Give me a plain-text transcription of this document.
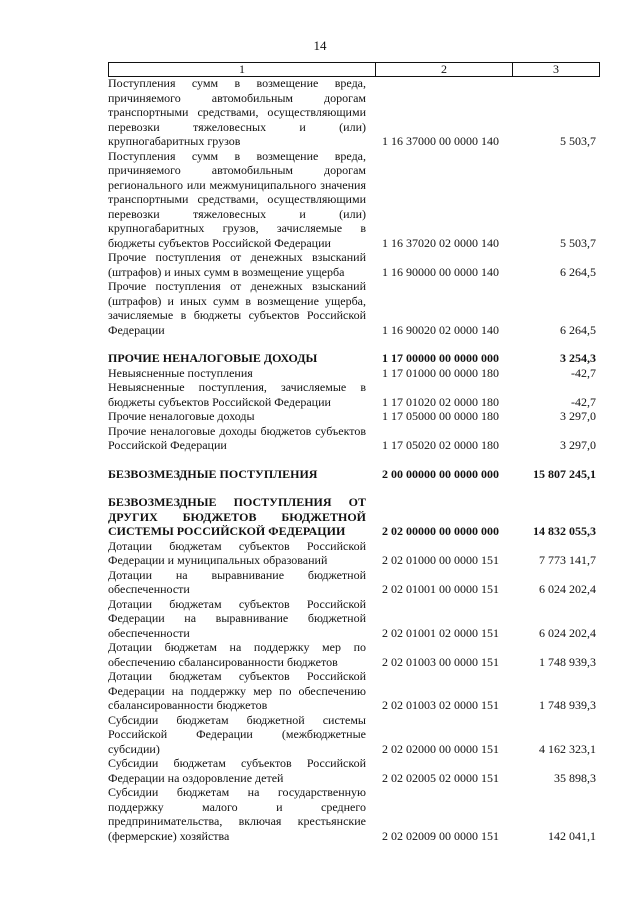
14
1	2	3
Поступления сумм в возмещение вреда, причиняемого автомобильным дорогам транспортными средствами, осуществляющими перевозки тяжеловесных и (или) крупногабаритных грузов	1 16 37000 00 0000 140	5 503,7
Поступления сумм в возмещение вреда, причиняемого автомобильным дорогам регионального или межмуниципального значения транспортными средствами, осуществляющими перевозки тяжеловесных и (или) крупногабаритных грузов, зачисляемые в бюджеты субъектов Российской Федерации	1 16 37020 02 0000 140	5 503,7
Прочие поступления от денежных взысканий (штрафов) и иных сумм в возмещение ущерба	1 16 90000 00 0000 140	6 264,5
Прочие поступления от денежных взысканий (штрафов) и иных сумм в возмещение ущерба, зачисляемые в бюджеты субъектов Российской Федерации	1 16 90020 02 0000 140	6 264,5
ПРОЧИЕ НЕНАЛОГОВЫЕ ДОХОДЫ	1 17 00000 00 0000 000	3 254,3
Невыясненные поступления	1 17 01000 00 0000 180	-42,7
Невыясненные поступления, зачисляемые в бюджеты субъектов Российской Федерации	1 17 01020 02 0000 180	-42,7
Прочие неналоговые доходы	1 17 05000 00 0000 180	3 297,0
Прочие неналоговые доходы бюджетов субъектов Российской Федерации	1 17 05020 02 0000 180	3 297,0
БЕЗВОЗМЕЗДНЫЕ ПОСТУПЛЕНИЯ	2 00 00000 00 0000 000	15 807 245,1
БЕЗВОЗМЕЗДНЫЕ ПОСТУПЛЕНИЯ ОТ ДРУГИХ БЮДЖЕТОВ БЮДЖЕТНОЙ СИСТЕМЫ РОССИЙСКОЙ ФЕДЕРАЦИИ	2 02 00000 00 0000 000	14 832 055,3
Дотации бюджетам субъектов Российской Федерации и муниципальных образований	2 02 01000 00 0000 151	7 773 141,7
Дотации на выравнивание бюджетной обеспеченности	2 02 01001 00 0000 151	6 024 202,4
Дотации бюджетам субъектов Российской Федерации на выравнивание бюджетной обеспеченности	2 02 01001 02 0000 151	6 024 202,4
Дотации бюджетам на поддержку мер по обеспечению сбалансированности бюджетов	2 02 01003 00 0000 151	1 748 939,3
Дотации бюджетам субъектов Российской Федерации на поддержку мер по обеспечению сбалансированности бюджетов	2 02 01003 02 0000 151	1 748 939,3
Субсидии бюджетам бюджетной системы Российской Федерации (межбюджетные субсидии)	2 02 02000 00 0000 151	4 162 323,1
Субсидии бюджетам субъектов Российской Федерации на оздоровление детей	2 02 02005 02 0000 151	35 898,3
Субсидии бюджетам на государственную поддержку малого и среднего предпринимательства, включая крестьянские (фермерские) хозяйства	2 02 02009 00 0000 151	142 041,1
